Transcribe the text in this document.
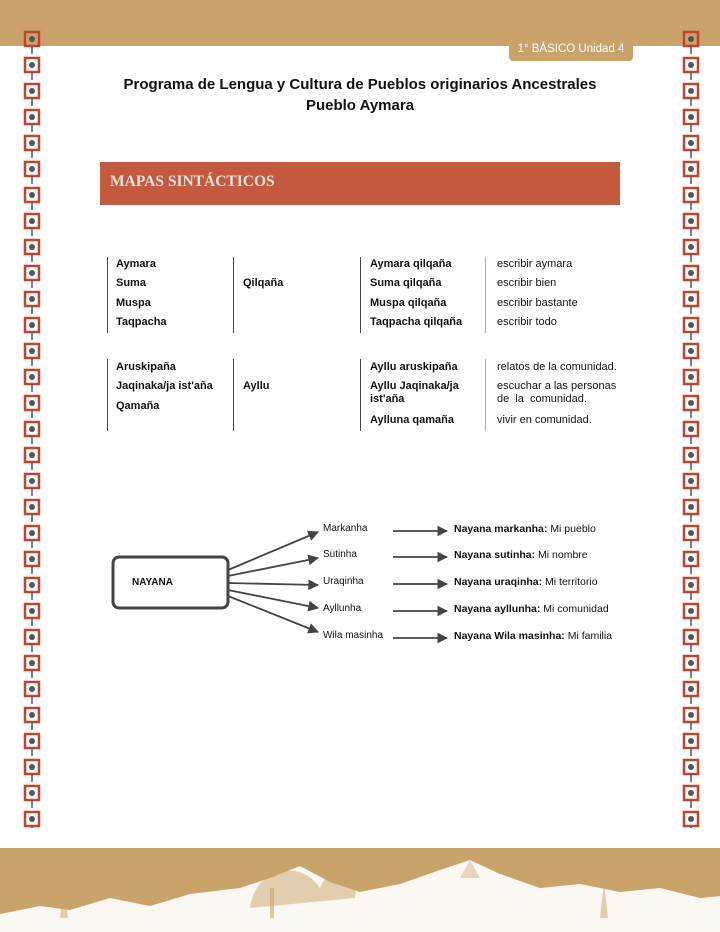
1° BÁSICO Unidad 4
Programa de Lengua y Cultura de Pueblos originarios Ancestrales
Pueblo Aymara
MAPAS SINTÁCTICOS
Aymara
Suma
Muspa
Taqpacha
Qilqaña
Aymara qilqaña
Suma qilqaña
Muspa qilqaña
Taqpacha qilqaña
escribir aymara
escribir bien
escribir bastante
escribir todo
Aruskipaña
Jaqinaka/ja ist'aña
Qamaña
Ayllu
Ayllu aruskipaña
Ayllu Jaqinaka/ja
ist'aña
Aylluna qamaña
relatos de la comunidad.
escuchar a las personas
de  la  comunidad.
vivir en comunidad.
NAYANA
Markanha
Sutinha
Uraqinha
Ayllunha
Wila masinha
Nayana markanha: Mi pueblo
Nayana sutinha: Mi nombre
Nayana uraqinha: Mi territorio
Nayana ayllunha: Mi comunidad
Nayana Wila masinha: Mi familia
